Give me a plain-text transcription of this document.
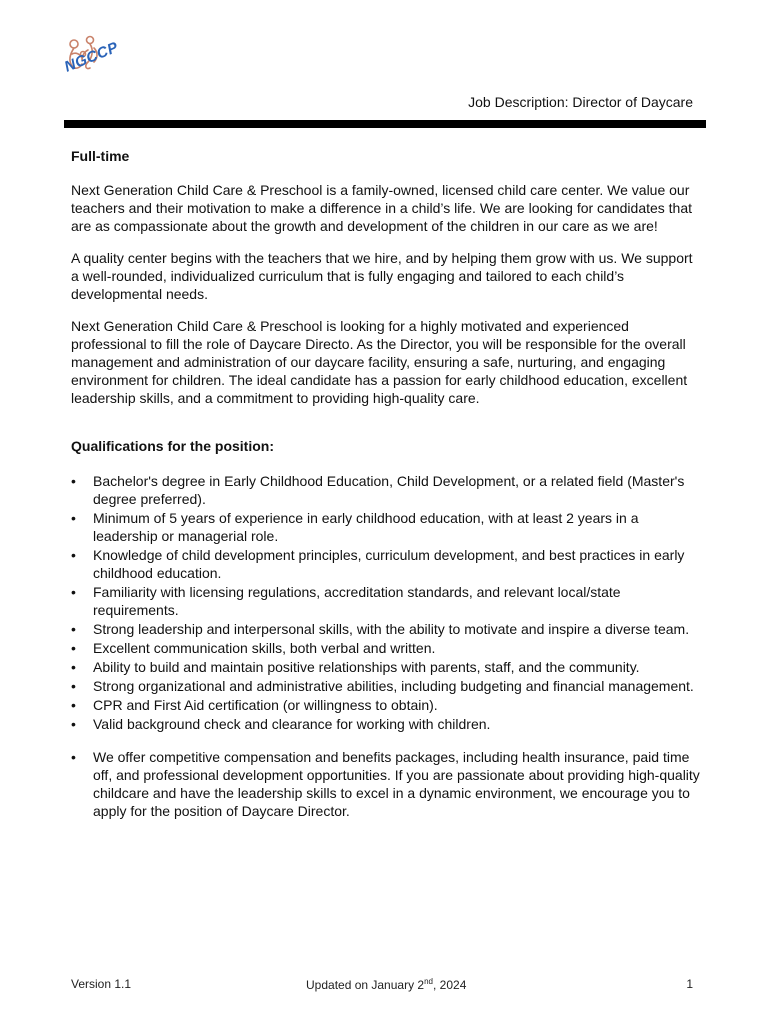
NGCCP
Job Description: Director of Daycare
Full-time

Next Generation Child Care & Preschool is a family-owned, licensed child care center. We value our teachers and their motivation to make a difference in a child’s life. We are looking for candidates that are as compassionate about the growth and development of the children in our care as we are!

A quality center begins with the teachers that we hire, and by helping them grow with us. We support a well-rounded, individualized curriculum that is fully engaging and tailored to each child’s developmental needs.

Next Generation Child Care & Preschool is looking for a highly motivated and experienced professional to fill the role of Daycare Directo. As the Director, you will be responsible for the overall management and administration of our daycare facility, ensuring a safe, nurturing, and engaging environment for children. The ideal candidate has a passion for early childhood education, excellent leadership skills, and a commitment to providing high-quality care.

Qualifications for the position:
• Bachelor's degree in Early Childhood Education, Child Development, or a related field (Master's degree preferred).
• Minimum of 5 years of experience in early childhood education, with at least 2 years in a leadership or managerial role.
• Knowledge of child development principles, curriculum development, and best practices in early childhood education.
• Familiarity with licensing regulations, accreditation standards, and relevant local/state requirements.
• Strong leadership and interpersonal skills, with the ability to motivate and inspire a diverse team.
• Excellent communication skills, both verbal and written.
• Ability to build and maintain positive relationships with parents, staff, and the community.
• Strong organizational and administrative abilities, including budgeting and financial management.
• CPR and First Aid certification (or willingness to obtain).
• Valid background check and clearance for working with children.
• We offer competitive compensation and benefits packages, including health insurance, paid time off, and professional development opportunities. If you are passionate about providing high-quality childcare and have the leadership skills to excel in a dynamic environment, we encourage you to apply for the position of Daycare Director.
Version 1.1	Updated on January 2nd, 2024	1
